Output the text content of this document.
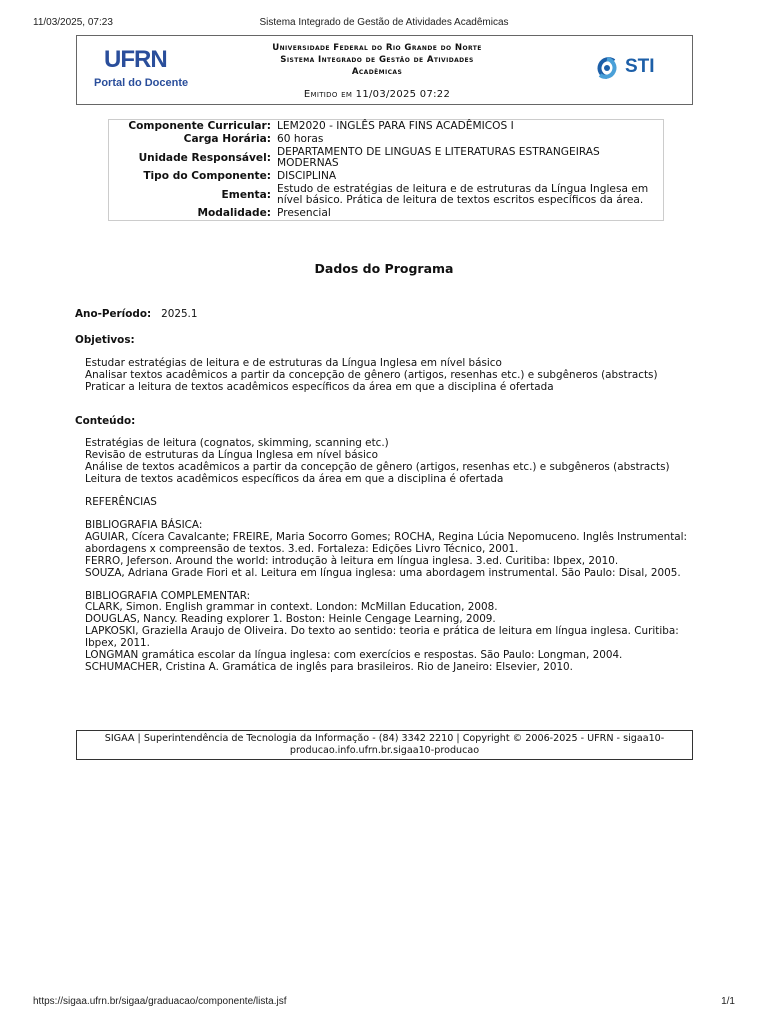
11/03/2025, 07:23	Sistema Integrado de Gestão de Atividades Acadêmicas
UFRN
Portal do Docente
Universidade Federal do Rio Grande do Norte
Sistema Integrado de Gestão de Atividades
Acadêmicas
Emitido em 11/03/2025 07:22
STI
Componente Curricular:	LEM2020 - INGLÊS PARA FINS ACADÊMICOS I
Carga Horária:	60 horas
Unidade Responsável:	DEPARTAMENTO DE LINGUAS E LITERATURAS ESTRANGEIRAS MODERNAS
Tipo do Componente:	DISCIPLINA
Ementa:	Estudo de estratégias de leitura e de estruturas da Língua Inglesa em nível básico. Prática de leitura de textos escritos específicos da área.
Modalidade:	Presencial
Dados do Programa
Ano-Período: 2025.1
Objetivos:
Estudar estratégias de leitura e de estruturas da Língua Inglesa em nível básico
Analisar textos acadêmicos a partir da concepção de gênero (artigos, resenhas etc.) e subgêneros (abstracts)
Praticar a leitura de textos acadêmicos específicos da área em que a disciplina é ofertada
Conteúdo:
Estratégias de leitura (cognatos, skimming, scanning etc.)
Revisão de estruturas da Língua Inglesa em nível básico
Análise de textos acadêmicos a partir da concepção de gênero (artigos, resenhas etc.) e subgêneros (abstracts)
Leitura de textos acadêmicos específicos da área em que a disciplina é ofertada
REFERÊNCIAS
BIBLIOGRAFIA BÁSICA:
AGUIAR, Cícera Cavalcante; FREIRE, Maria Socorro Gomes; ROCHA, Regina Lúcia Nepomuceno. Inglês Instrumental: abordagens x compreensão de textos. 3.ed. Fortaleza: Edições Livro Técnico, 2001.
FERRO, Jeferson. Around the world: introdução à leitura em língua inglesa. 3.ed. Curitiba: Ibpex, 2010.
SOUZA, Adriana Grade Fiori et al. Leitura em língua inglesa: uma abordagem instrumental. São Paulo: Disal, 2005.
BIBLIOGRAFIA COMPLEMENTAR:
CLARK, Simon. English grammar in context. London: McMillan Education, 2008.
DOUGLAS, Nancy. Reading explorer 1. Boston: Heinle Cengage Learning, 2009.
LAPKOSKI, Graziella Araujo de Oliveira. Do texto ao sentido: teoria e prática de leitura em língua inglesa. Curitiba: Ibpex, 2011.
LONGMAN gramática escolar da língua inglesa: com exercícios e respostas. São Paulo: Longman, 2004.
SCHUMACHER, Cristina A. Gramática de inglês para brasileiros. Rio de Janeiro: Elsevier, 2010.
SIGAA | Superintendência de Tecnologia da Informação - (84) 3342 2210 | Copyright © 2006-2025 - UFRN - sigaa10-producao.info.ufrn.br.sigaa10-producao
https://sigaa.ufrn.br/sigaa/graduacao/componente/lista.jsf	1/1
